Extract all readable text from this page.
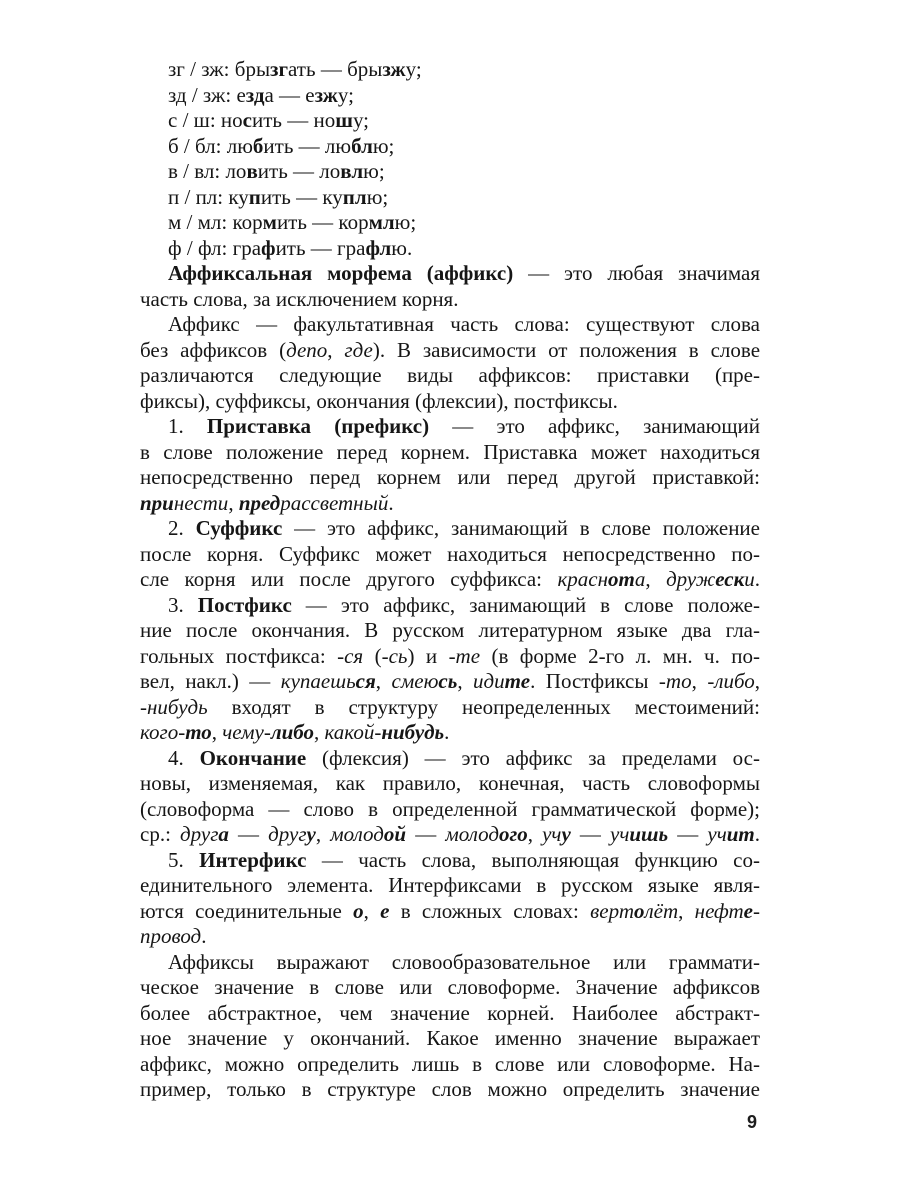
зг / зж: брызгать — брызжу;
зд / зж: езда — езжу;
с / ш: носить — ношу;
б / бл: любить — люблю;
в / вл: ловить — ловлю;
п / пл: купить — куплю;
м / мл: кормить — кормлю;
ф / фл: графить — графлю.
Аффиксальная морфема (аффикс) — это любая значимая
часть слова, за исключением корня.
Аффикс — факультативная часть слова: существуют слова
без аффиксов (депо, где). В зависимости от положения в слове
различаются следующие виды аффиксов: приставки (пре-
фиксы), суффиксы, окончания (флексии), постфиксы.
1. Приставка (префикс) — это аффикс, занимающий
в слове положение перед корнем. Приставка может находиться
непосредственно перед корнем или перед другой приставкой:
принести, предрассветный.
2. Суффикс — это аффикс, занимающий в слове положение
после корня. Суффикс может находиться непосредственно по-
сле корня или после другого суффикса: краснота, дружески.
3. Постфикс — это аффикс, занимающий в слове положе-
ние после окончания. В русском литературном языке два гла-
гольных постфикса: -ся (-сь) и -те (в форме 2-го л. мн. ч. по-
вел, накл.) — купаешься, смеюсь, идите. Постфиксы -то, -либо,
-нибудь входят в структуру неопределенных местоимений:
кого-то, чему-либо, какой-нибудь.
4. Окончание (флексия) — это аффикс за пределами ос-
новы, изменяемая, как правило, конечная, часть словоформы
(словоформа — слово в определенной грамматической форме);
ср.: друга — другу, молодой — молодого, учу — учишь — учит.
5. Интерфикс — часть слова, выполняющая функцию со-
единительного элемента. Интерфиксами в русском языке явля-
ются соединительные о, е в сложных словах: вертолёт, нефте-
провод.
Аффиксы выражают словообразовательное или граммати-
ческое значение в слове или словоформе. Значение аффиксов
более абстрактное, чем значение корней. Наиболее абстракт-
ное значение у окончаний. Какое именно значение выражает
аффикс, можно определить лишь в слове или словоформе. На-
пример, только в структуре слов можно определить значение
9
